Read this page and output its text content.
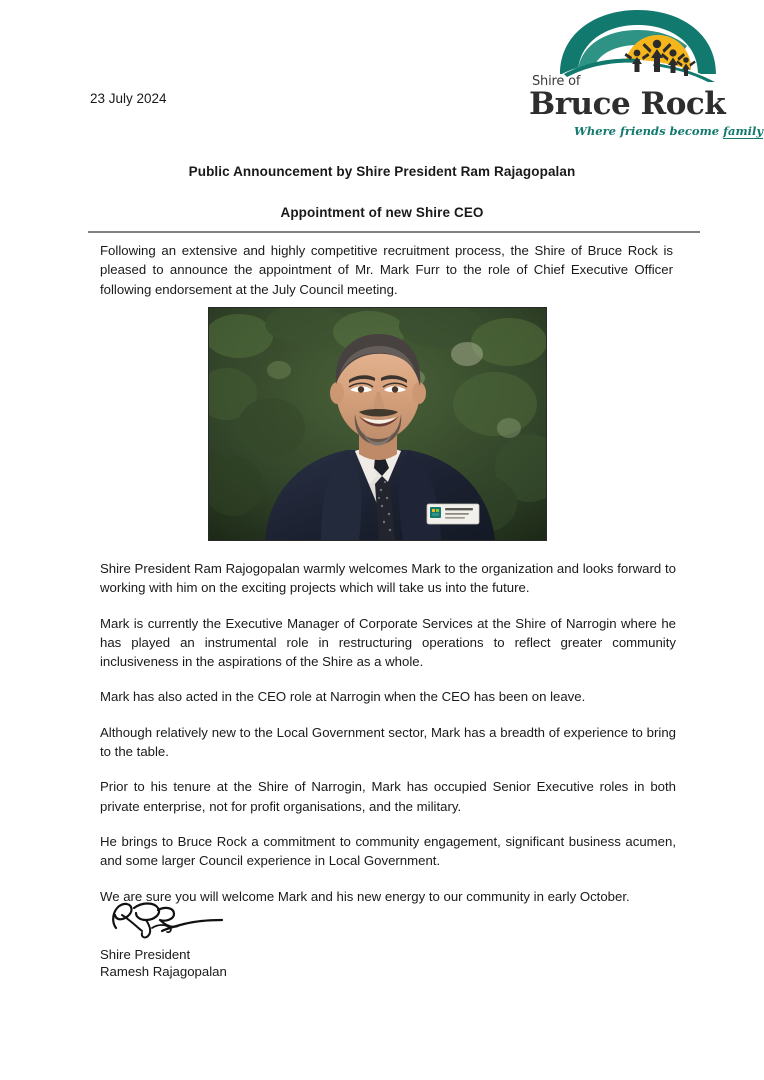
Shire of
Bruce Rock
Where friends become family
23 July 2024
Public Announcement by Shire President Ram Rajagopalan
Appointment of new Shire CEO

Following an extensive and highly competitive recruitment process, the Shire of Bruce Rock is pleased to announce the appointment of Mr. Mark Furr to the role of Chief Executive Officer following endorsement at the July Council meeting.

Shire President Ram Rajogopalan warmly welcomes Mark to the organization and looks forward to working with him on the exciting projects which will take us into the future.

Mark is currently the Executive Manager of Corporate Services at the Shire of Narrogin where he has played an instrumental role in restructuring operations to reflect greater community inclusiveness in the aspirations of the Shire as a whole.

Mark has also acted in the CEO role at Narrogin when the CEO has been on leave.

Although relatively new to the Local Government sector, Mark has a breadth of experience to bring to the table.

Prior to his tenure at the Shire of Narrogin, Mark has occupied Senior Executive roles in both private enterprise, not for profit organisations, and the military.

He brings to Bruce Rock a commitment to community engagement, significant business acumen, and some larger Council experience in Local Government.

We are sure you will welcome Mark and his new energy to our community in early October.

Shire President
Ramesh Rajagopalan
